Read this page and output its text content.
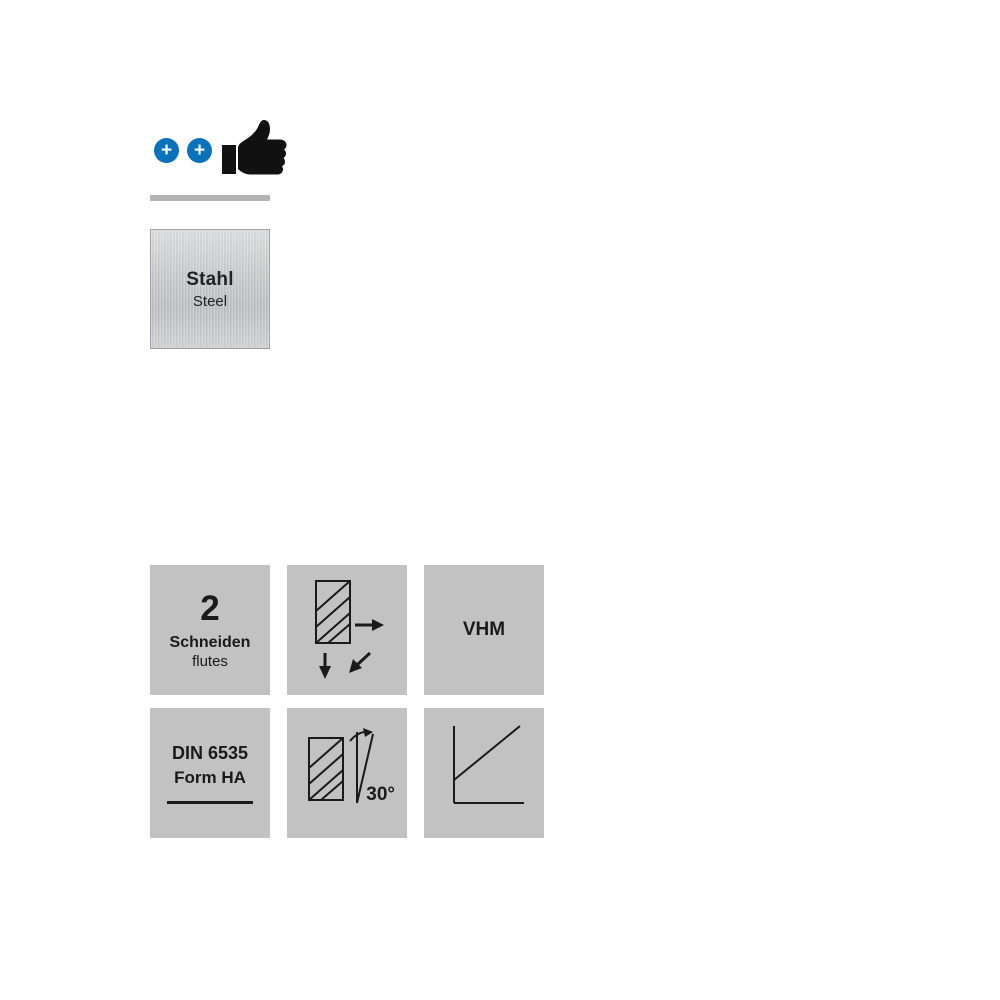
+	+
Stahl
Steel
2
Schneiden
flutes
VHM
DIN 6535
Form HA
30°
